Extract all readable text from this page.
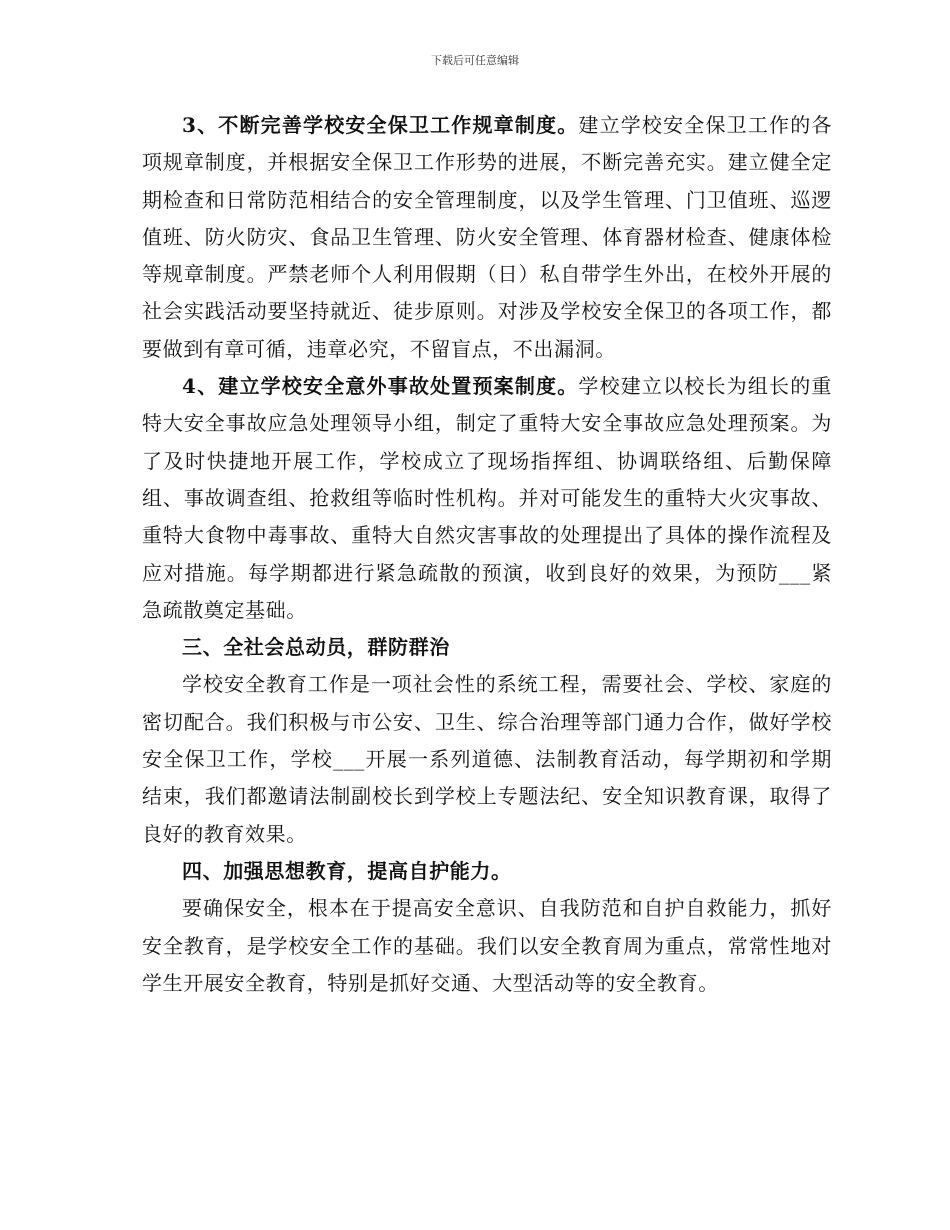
下载后可任意编辑

3、不断完善学校安全保卫工作规章制度。建立学校安全保卫工作的各项规章制度，并根据安全保卫工作形势的进展，不断完善充实。建立健全定期检查和日常防范相结合的安全管理制度，以及学生管理、门卫值班、巡逻值班、防火防灾、食品卫生管理、防火安全管理、体育器材检查、健康体检等规章制度。严禁老师个人利用假期（日）私自带学生外出，在校外开展的社会实践活动要坚持就近、徒步原则。对涉及学校安全保卫的各项工作，都要做到有章可循，违章必究，不留盲点，不出漏洞。

4、建立学校安全意外事故处置预案制度。学校建立以校长为组长的重特大安全事故应急处理领导小组，制定了重特大安全事故应急处理预案。为了及时快捷地开展工作，学校成立了现场指挥组、协调联络组、后勤保障组、事故调查组、抢救组等临时性机构。并对可能发生的重特大火灾事故、重特大食物中毒事故、重特大自然灾害事故的处理提出了具体的操作流程及应对措施。每学期都进行紧急疏散的预演，收到良好的效果，为预防___紧急疏散奠定基础。

三、全社会总动员，群防群治

学校安全教育工作是一项社会性的系统工程，需要社会、学校、家庭的密切配合。我们积极与市公安、卫生、综合治理等部门通力合作，做好学校安全保卫工作，学校___开展一系列道德、法制教育活动，每学期初和学期结束，我们都邀请法制副校长到学校上专题法纪、安全知识教育课，取得了良好的教育效果。

四、加强思想教育，提高自护能力。

要确保安全，根本在于提高安全意识、自我防范和自护自救能力，抓好安全教育，是学校安全工作的基础。我们以安全教育周为重点，常常性地对学生开展安全教育，特别是抓好交通、大型活动等的安全教育。
